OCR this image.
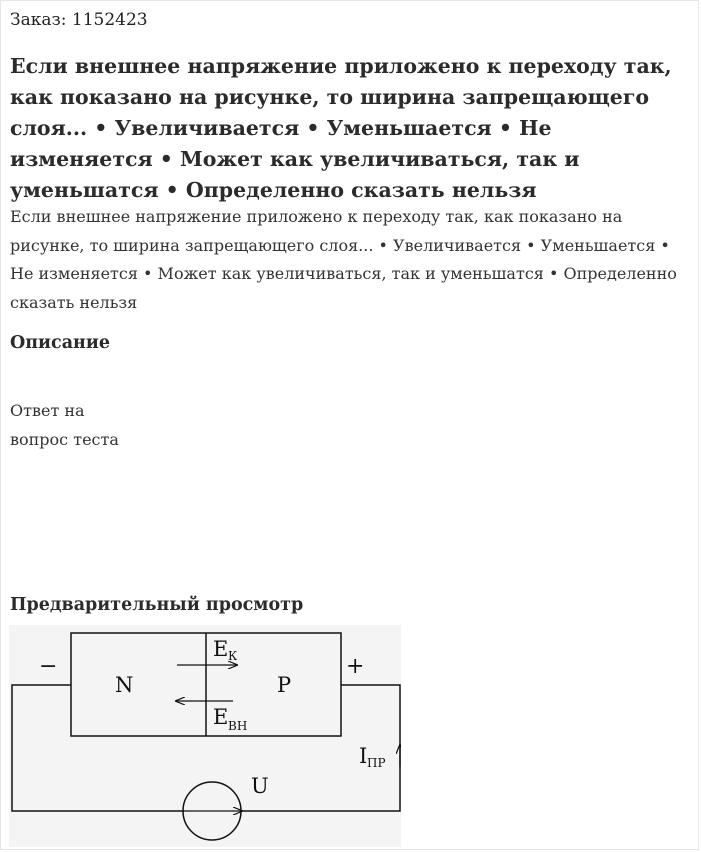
Заказ: 1152423
Если внешнее напряжение приложено к переходу так, как показано на рисунке, то ширина запрещающего слоя... • Увеличивается • Уменьшается • Не изменяется • Может как увеличиваться, так и уменьшатся • Определенно сказать нельзя

Если внешнее напряжение приложено к переходу так, как показано на рисунке, то ширина запрещающего слоя... • Увеличивается • Уменьшается • Не изменяется • Может как увеличиваться, так и уменьшатся • Определенно сказать нельзя

Описание
Ответ на
вопрос теста
Предварительный просмотр
−	+
N	P
E К
E ВН
I ПР
U
